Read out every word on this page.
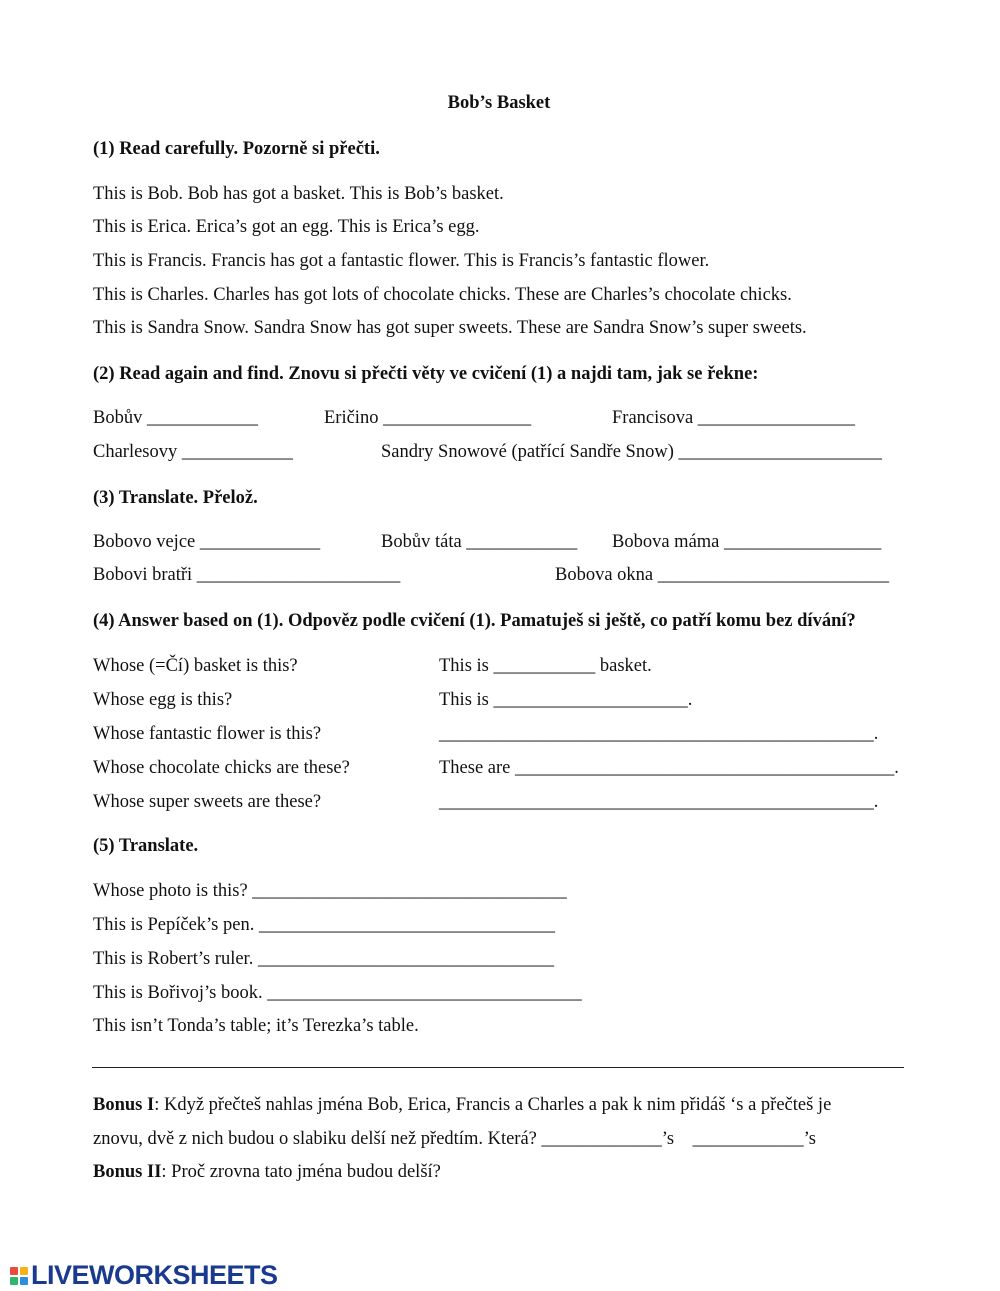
Bob’s Basket
(1) Read carefully. Pozorně si přečti.
This is Bob. Bob has got a basket. This is Bob’s basket.
This is Erica. Erica’s got an egg. This is Erica’s egg.
This is Francis. Francis has got a fantastic flower. This is Francis’s fantastic flower.
This is Charles. Charles has got lots of chocolate chicks. These are Charles’s chocolate chicks.
This is Sandra Snow. Sandra Snow has got super sweets. These are Sandra Snow’s super sweets.
(2) Read again and find. Znovu si přečti věty ve cvičení (1) a najdi tam, jak se řekne:
Bobův ____________	Eričino ________________	Francisova _________________
Charlesovy ____________	Sandry Snowové (patřící Sandře Snow) ______________________
(3) Translate. Přelož.
Bobovo vejce _____________	Bobův táta ____________ Bobova máma _________________
Bobovi bratři ______________________	Bobova okna _________________________
(4) Answer based on (1). Odpověz podle cvičení (1). Pamatuješ si ještě, co patří komu bez dívání?
Whose (=Čí) basket is this?	This is ___________ basket.
Whose egg is this?	This is _____________________.
Whose fantastic flower is this?	_______________________________________________.
Whose chocolate chicks are these?	These are _________________________________________.
Whose super sweets are these?	_______________________________________________.
(5) Translate.
Whose photo is this? __________________________________
This is Pepíček’s pen. ________________________________
This is Robert’s ruler. ________________________________
This is Bořivoj’s book. __________________________________
This isn’t Tonda’s table; it’s Terezka’s table.
Bonus I: Když přečteš nahlas jména Bob, Erica, Francis a Charles a pak k nim přidáš ‘s a přečteš je
znovu, dvě z nich budou o slabiku delší než předtím. Která? _____________’s    ____________’s
Bonus II: Proč zrovna tato jména budou delší?
LIVEWORKSHEETS
